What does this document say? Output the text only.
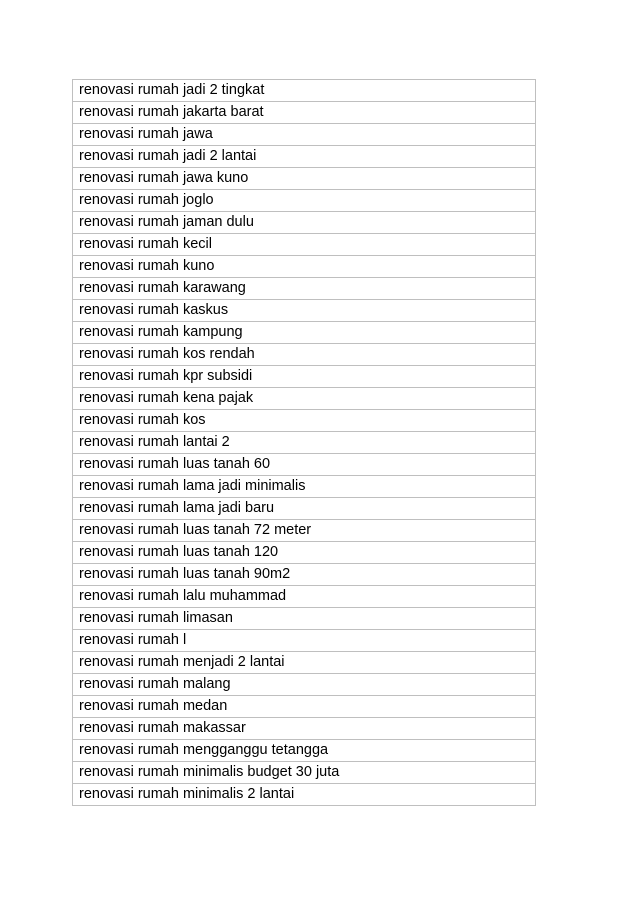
renovasi rumah jadi 2 tingkat
renovasi rumah jakarta barat
renovasi rumah jawa
renovasi rumah jadi 2 lantai
renovasi rumah jawa kuno
renovasi rumah joglo
renovasi rumah jaman dulu
renovasi rumah kecil
renovasi rumah kuno
renovasi rumah karawang
renovasi rumah kaskus
renovasi rumah kampung
renovasi rumah kos rendah
renovasi rumah kpr subsidi
renovasi rumah kena pajak
renovasi rumah kos
renovasi rumah lantai 2
renovasi rumah luas tanah 60
renovasi rumah lama jadi minimalis
renovasi rumah lama jadi baru
renovasi rumah luas tanah 72 meter
renovasi rumah luas tanah 120
renovasi rumah luas tanah 90m2
renovasi rumah lalu muhammad
renovasi rumah limasan
renovasi rumah l
renovasi rumah menjadi 2 lantai
renovasi rumah malang
renovasi rumah medan
renovasi rumah makassar
renovasi rumah mengganggu tetangga
renovasi rumah minimalis budget 30 juta
renovasi rumah minimalis 2 lantai
